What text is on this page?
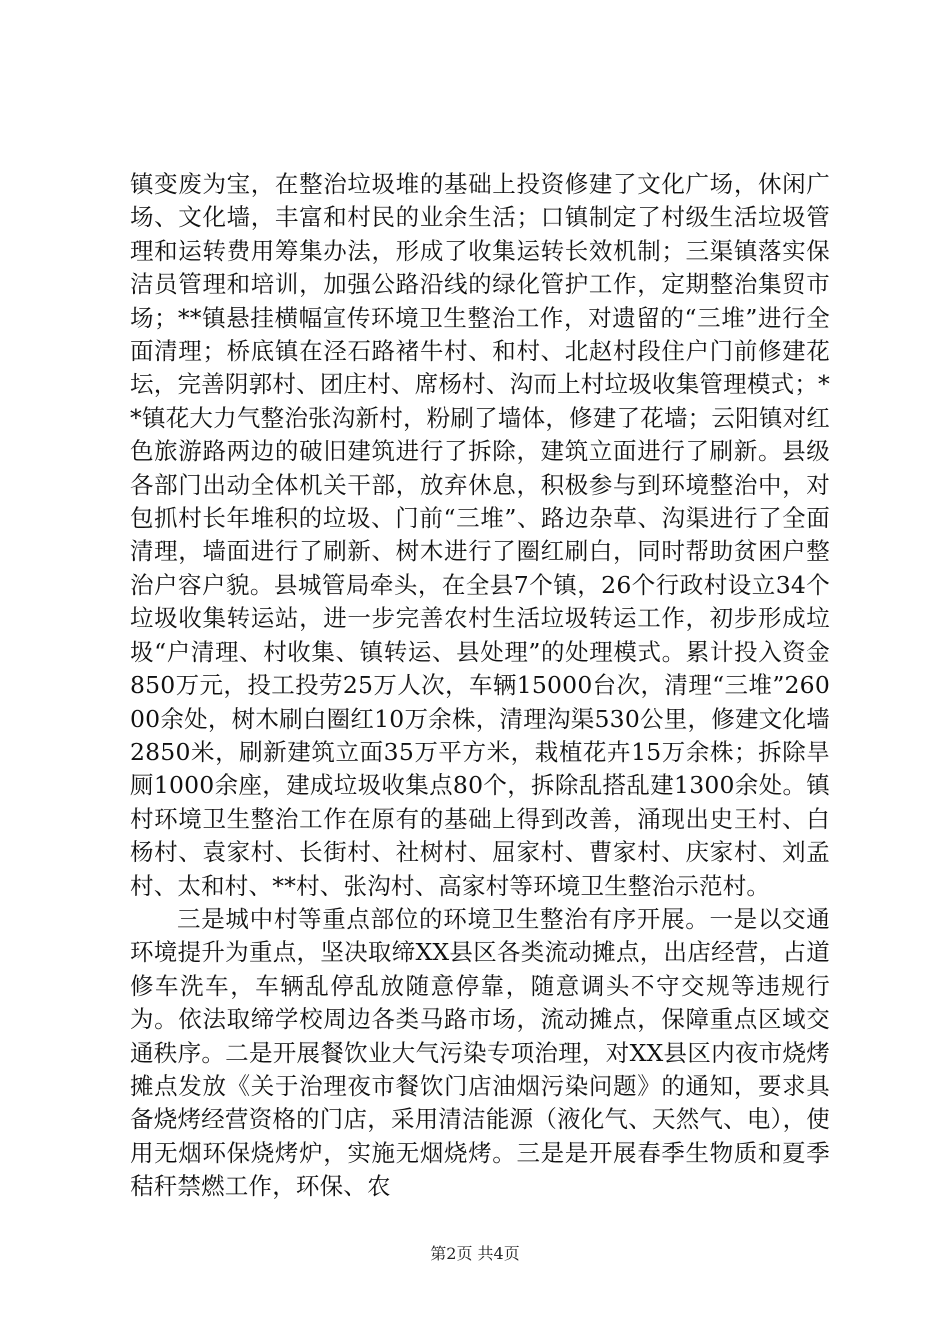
镇变废为宝，在整治垃圾堆的基础上投资修建了文化广场，休闲广场、文化墙，丰富和村民的业余生活；口镇制定了村级生活垃圾管理和运转费用筹集办法，形成了收集运转长效机制；三渠镇落实保洁员管理和培训，加强公路沿线的绿化管护工作，定期整治集贸市场；**镇悬挂横幅宣传环境卫生整治工作，对遗留的“三堆”进行全面清理；桥底镇在泾石路褚牛村、和村、北赵村段住户门前修建花坛，完善阴郭村、团庄村、席杨村、沟而上村垃圾收集管理模式；**镇花大力气整治张沟新村，粉刷了墙体，修建了花墙；云阳镇对红色旅游路两边的破旧建筑进行了拆除，建筑立面进行了刷新。县级各部门出动全体机关干部，放弃休息，积极参与到环境整治中，对包抓村长年堆积的垃圾、门前“三堆”、路边杂草、沟渠进行了全面清理，墙面进行了刷新、树木进行了圈红刷白，同时帮助贫困户整治户容户貌。县城管局牵头，在全县7个镇，26个行政村设立34个垃圾收集转运站，进一步完善农村生活垃圾转运工作，初步形成垃圾“户清理、村收集、镇转运、县处理”的处理模式。累计投入资金850万元，投工投劳25万人次，车辆15000台次，清理“三堆”26000余处，树木刷白圈红10万余株，清理沟渠530公里，修建文化墙2850米，刷新建筑立面35万平方米，栽植花卉15万余株；拆除旱厕1000余座，建成垃圾收集点80个，拆除乱搭乱建1300余处。镇村环境卫生整治工作在原有的基础上得到改善，涌现出史王村、白杨村、袁家村、长街村、社树村、屈家村、曹家村、庆家村、刘孟村、太和村、**村、张沟村、高家村等环境卫生整治示范村。

三是城中村等重点部位的环境卫生整治有序开展。一是以交通环境提升为重点，坚决取缔XX县区各类流动摊点，出店经营，占道修车洗车，车辆乱停乱放随意停靠，随意调头不守交规等违规行为。依法取缔学校周边各类马路市场，流动摊点，保障重点区域交通秩序。二是开展餐饮业大气污染专项治理，对XX县区内夜市烧烤摊点发放《关于治理夜市餐饮门店油烟污染问题》的通知，要求具备烧烤经营资格的门店，采用清洁能源（液化气、天然气、电），使用无烟环保烧烤炉，实施无烟烧烤。三是是开展春季生物质和夏季秸秆禁燃工作，环保、农

第2页 共4页
